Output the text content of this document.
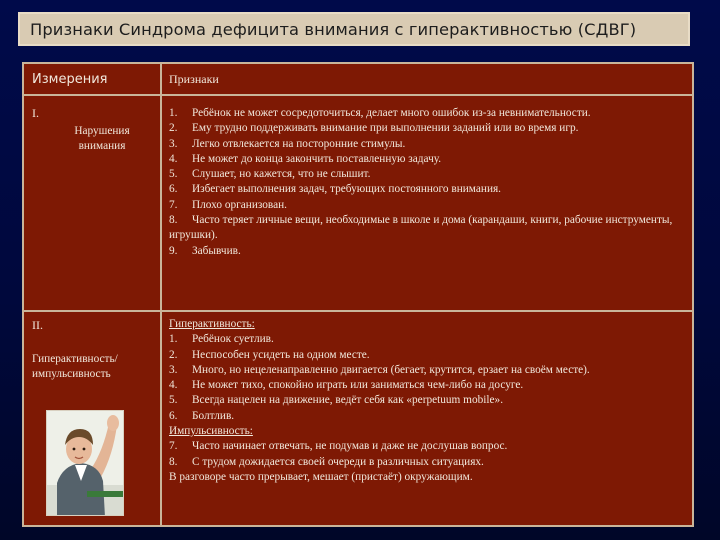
Признаки Синдрома дефицита внимания с гиперактивностью (СДВГ)
Измерения	Признаки
I.
Нарушения
внимания
1. Ребёнок не может сосредоточиться, делает много ошибок из-за невнимательности.
2. Ему трудно поддерживать внимание при выполнении заданий или во время игр.
3. Легко отвлекается на посторонние стимулы.
4. Не может до конца закончить поставленную задачу.
5. Слушает, но кажется, что не слышит.
6. Избегает выполнения задач, требующих постоянного внимания.
7. Плохо организован.
8. Часто теряет личные вещи, необходимые в школе и дома (карандаши, книги, рабочие инструменты, игрушки).
9. Забывчив.
II.
Гиперактивность/
импульсивность
Гиперактивность:
1. Ребёнок суетлив.
2. Неспособен усидеть на одном месте.
3. Много, но нецеленаправленно двигается (бегает, крутится, ерзает на своём месте).
4. Не может тихо, спокойно играть или заниматься чем-либо на досуге.
5. Всегда нацелен на движение, ведёт себя как «perpetuum mobile».
6. Болтлив.
Импульсивность:
7. Часто начинает отвечать, не подумав и даже не дослушав вопрос.
8. С трудом дожидается своей очереди в различных ситуациях.
В разговоре часто прерывает, мешает (пристаёт) окружающим.
